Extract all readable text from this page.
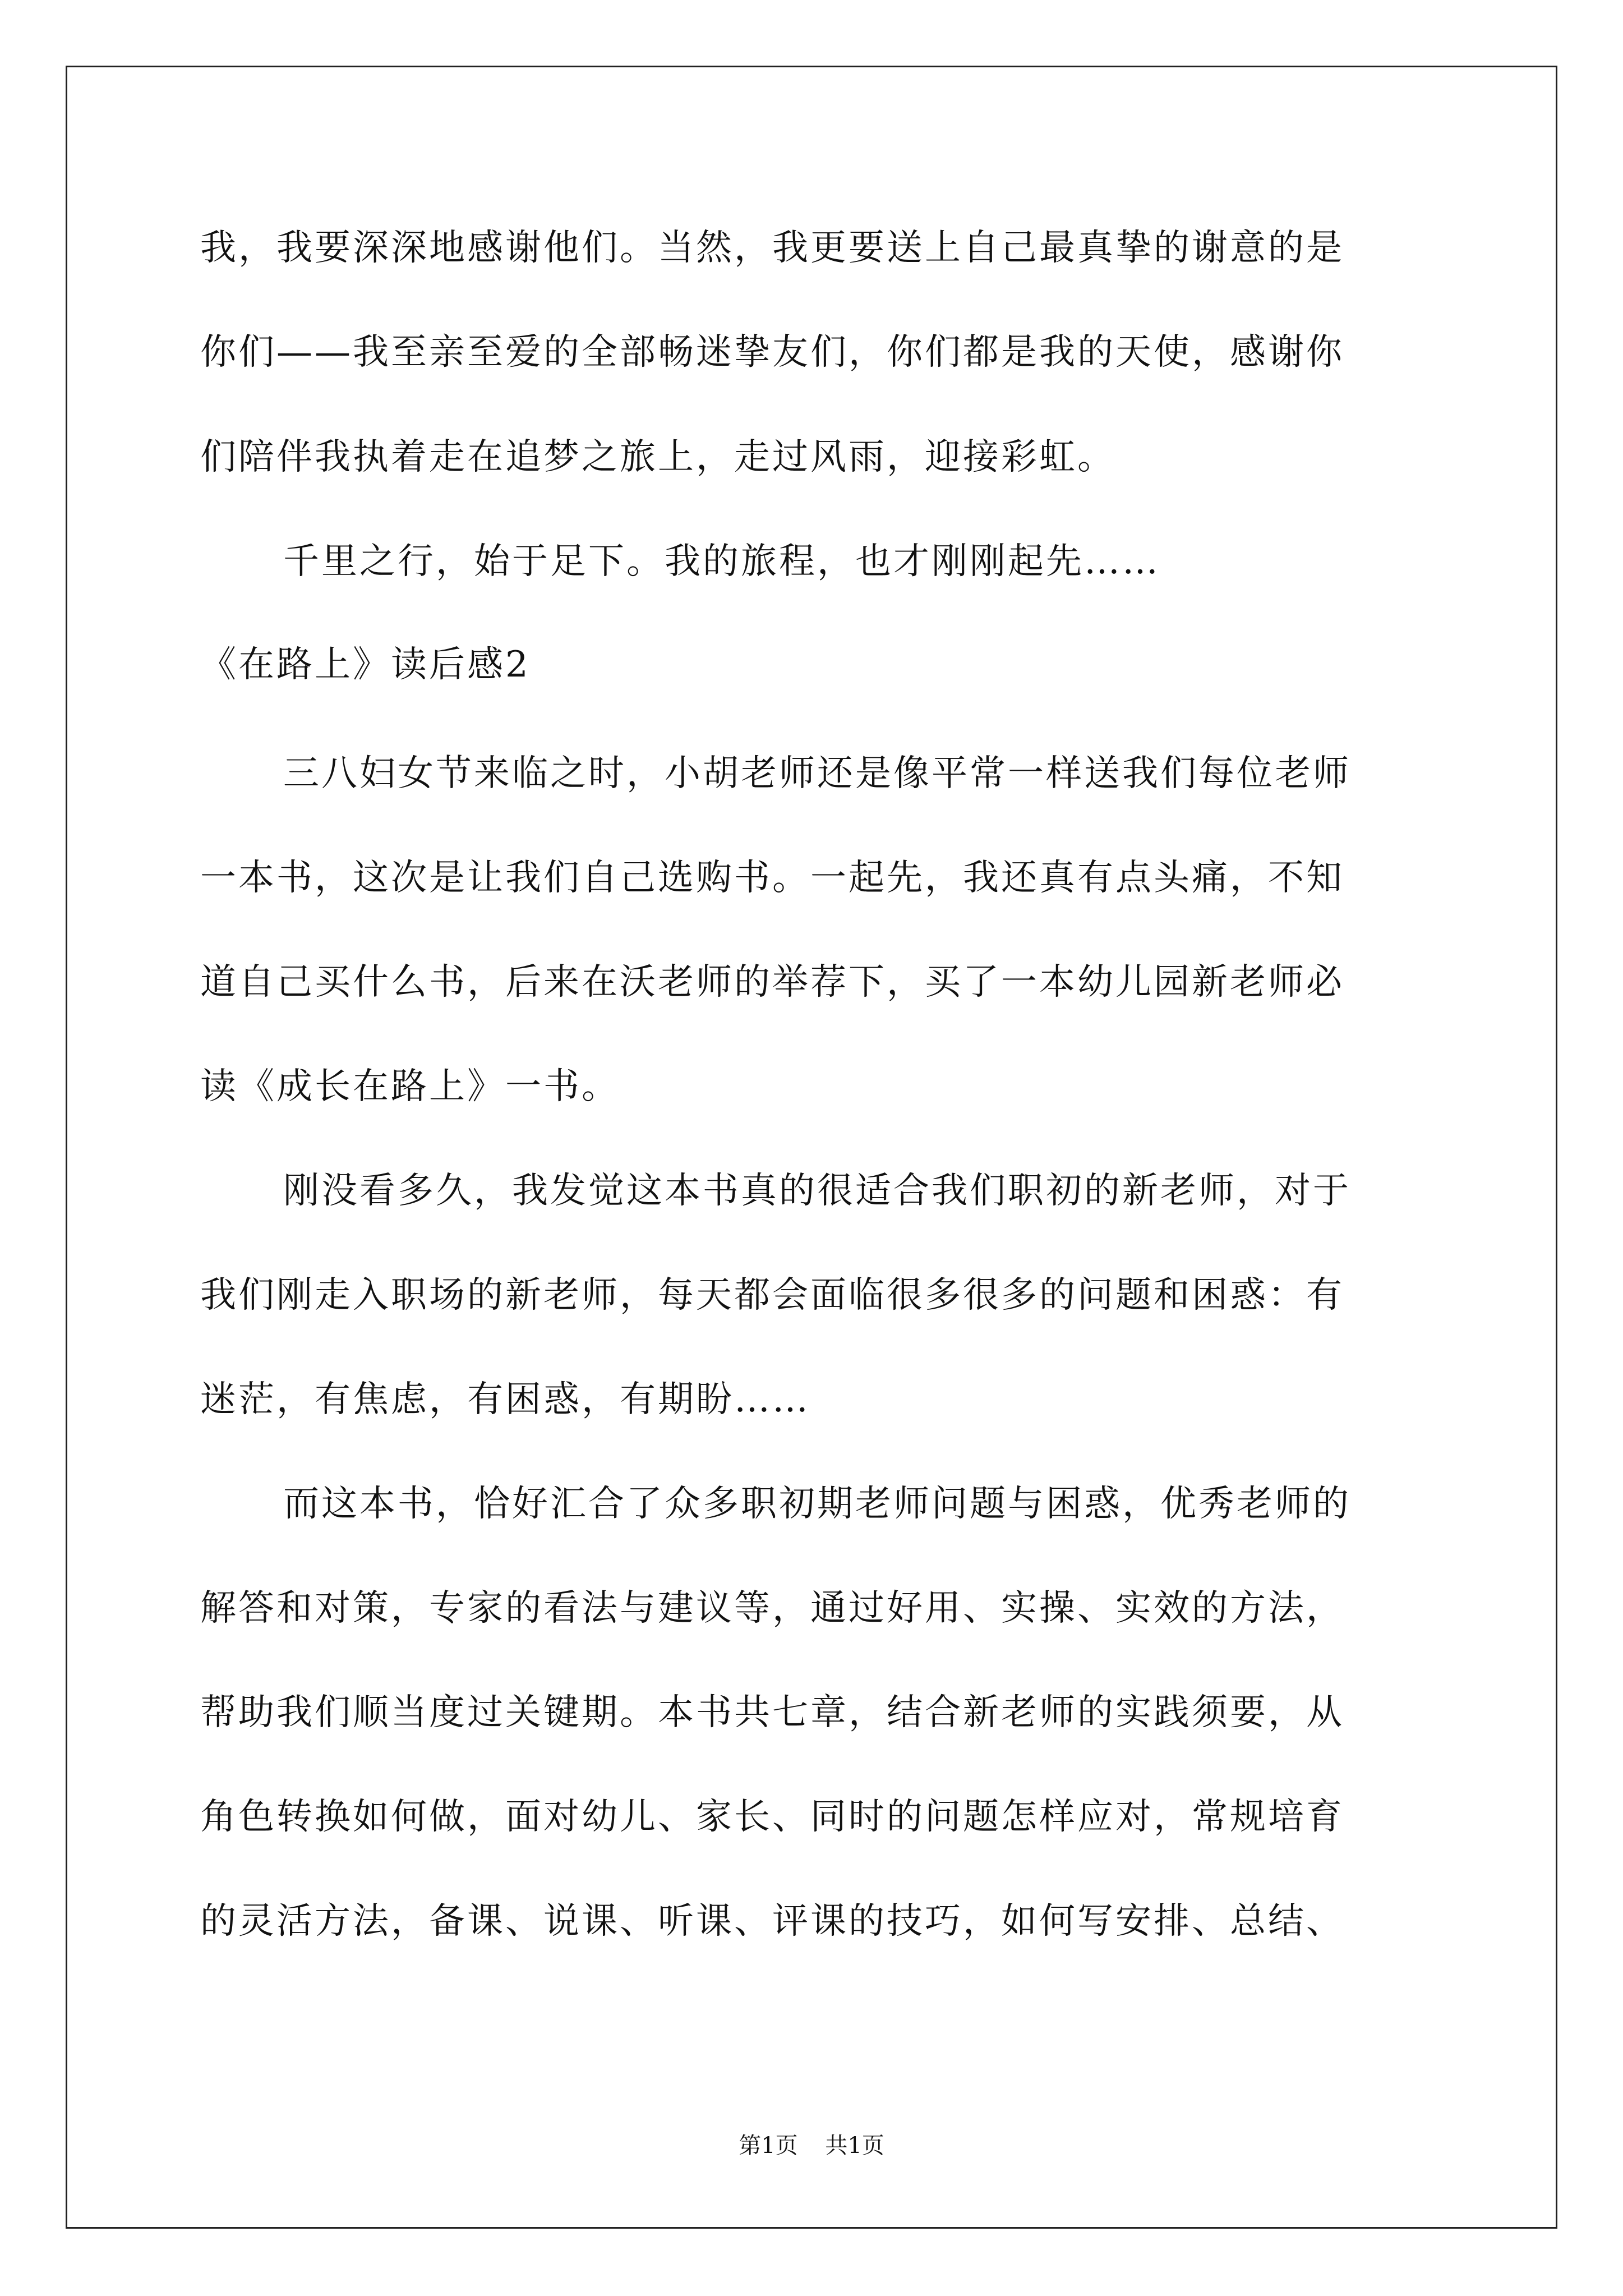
我，我要深深地感谢他们。当然，我更要送上自己最真挚的谢意的是
你们——我至亲至爱的全部畅迷挚友们，你们都是我的天使，感谢你
们陪伴我执着走在追梦之旅上，走过风雨，迎接彩虹。
千里之行，始于足下。我的旅程，也才刚刚起先……
《在路上》读后感2
三八妇女节来临之时，小胡老师还是像平常一样送我们每位老师
一本书，这次是让我们自己选购书。一起先，我还真有点头痛，不知
道自己买什么书，后来在沃老师的举荐下，买了一本幼儿园新老师必
读《成长在路上》一书。
刚没看多久，我发觉这本书真的很适合我们职初的新老师，对于
我们刚走入职场的新老师，每天都会面临很多很多的问题和困惑：有
迷茫，有焦虑，有困惑，有期盼……
而这本书，恰好汇合了众多职初期老师问题与困惑，优秀老师的
解答和对策，专家的看法与建议等，通过好用、实操、实效的方法，
帮助我们顺当度过关键期。本书共七章，结合新老师的实践须要，从
角色转换如何做，面对幼儿、家长、同时的问题怎样应对，常规培育
的灵活方法，备课、说课、听课、评课的技巧，如何写安排、总结、
第1页 共1页
